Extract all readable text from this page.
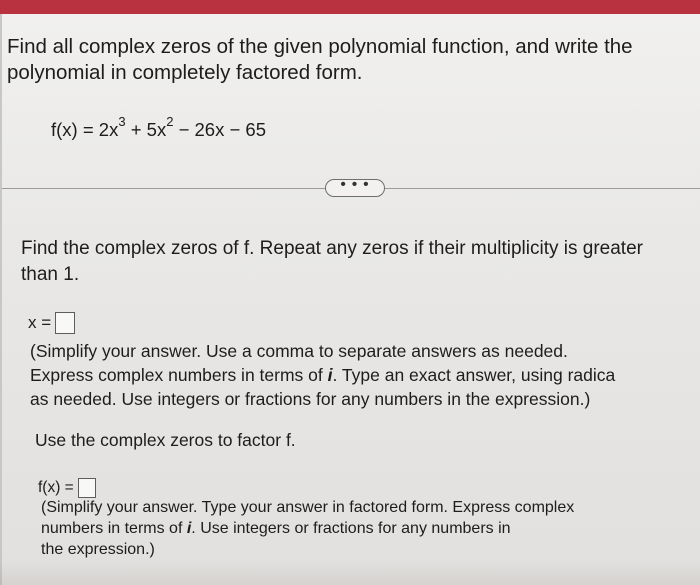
Find all complex zeros of the given polynomial function, and write the
polynomial in completely factored form.
$f(x) = 2x^3 + 5x^2 - 26x - 65$
• • •
Find the complex zeros of f. Repeat any zeros if their multiplicity is greater
than 1.
x =
(Simplify your answer. Use a comma to separate answers as needed.
Express complex numbers in terms of i. Type an exact answer, using radica
as needed. Use integers or fractions for any numbers in the expression.)
Use the complex zeros to factor f.
f(x) =
(Simplify your answer. Type your answer in factored form. Express complex
numbers in terms of i. Use integers or fractions for any numbers in
the expression.)
